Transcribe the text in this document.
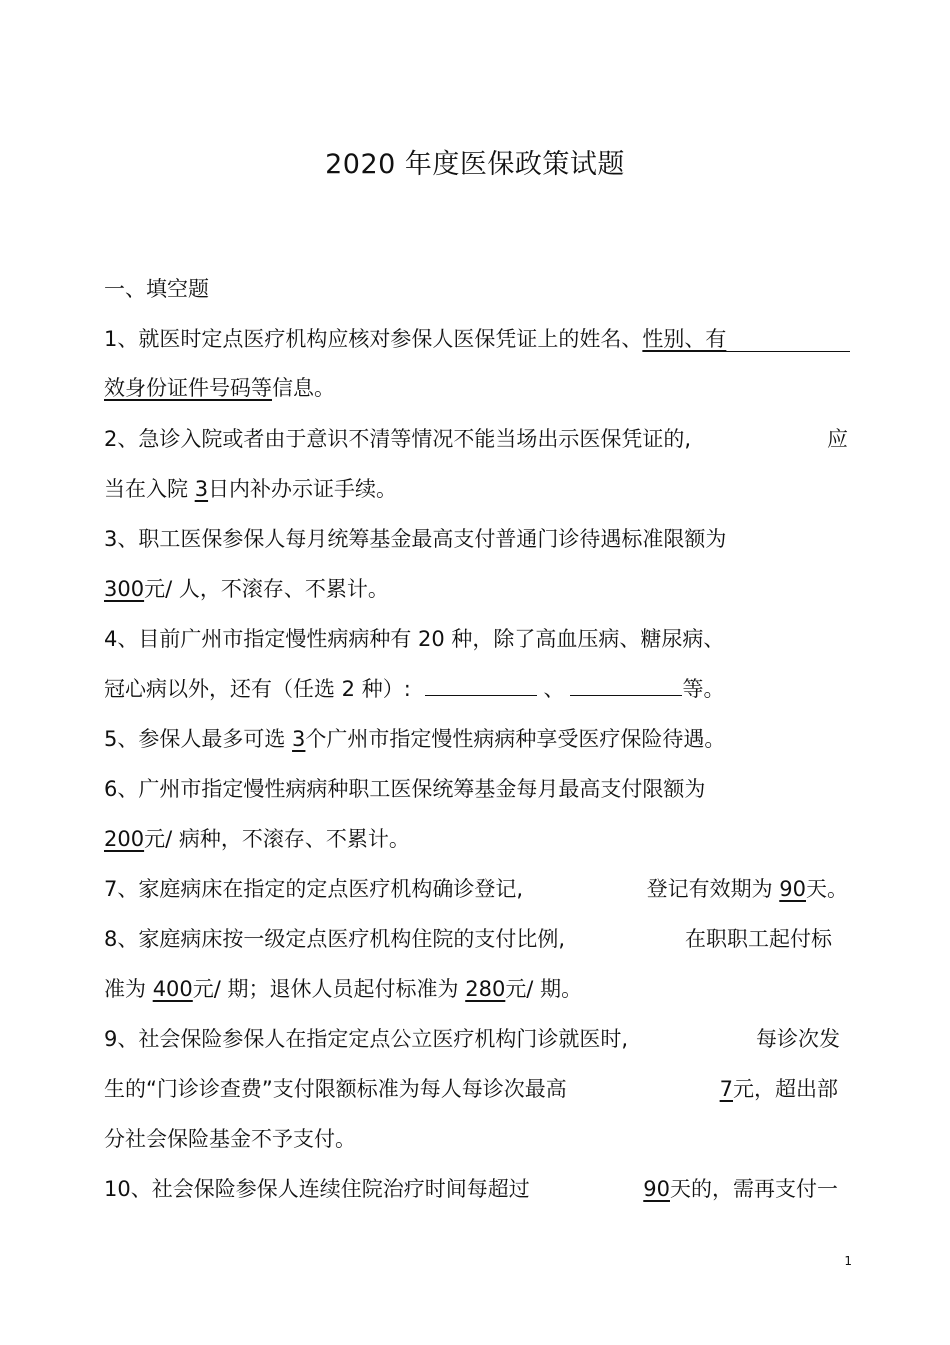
2020 年度医保政策试题
一、填空题
1、就医时定点医疗机构应核对参保人医保凭证上的姓名、性别、有
效身份证件号码等信息。
2、急诊入院或者由于意识不清等情况不能当场出示医保凭证的,	应
当在入院 3日内补办示证手续。
3、职工医保参保人每月统筹基金最高支付普通门诊待遇标准限额为
300元/ 人，不滚存、不累计。
4、目前广州市指定慢性病病种有 20 种，除了高血压病、糖尿病、
冠心病以外，还有（任选 2 种）:	、	等。
5、参保人最多可选 3个广州市指定慢性病病种享受医疗保险待遇。
6、广州市指定慢性病病种职工医保统筹基金每月最高支付限额为
200元/ 病种，不滚存、不累计。
7、家庭病床在指定的定点医疗机构确诊登记,	登记有效期为 90天。
8、家庭病床按一级定点医疗机构住院的支付比例,	在职职工起付标
准为 400元/ 期；退休人员起付标准为 280元/ 期。
9、社会保险参保人在指定定点公立医疗机构门诊就医时,	每诊次发
生的“门诊诊查费”支付限额标准为每人每诊次最高	7元，超出部
分社会保险基金不予支付。
10、社会保险参保人连续住院治疗时间每超过	90天的，需再支付一
1
